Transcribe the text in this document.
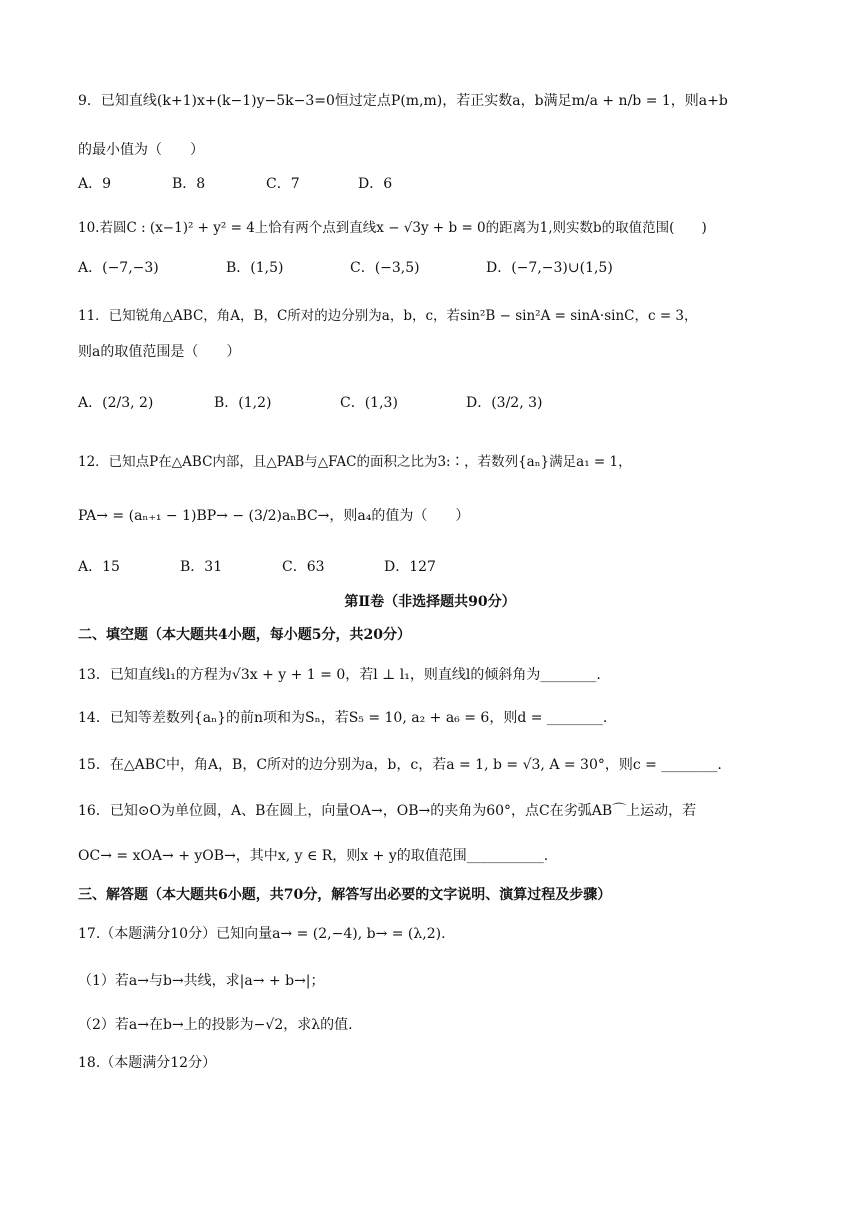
9．已知直线(k+1)x+(k−1)y−5k−3=0恒过定点P(m,m)，若正实数a，b满足m/a + n/b = 1，则a+b
的最小值为（　　）
A．9	B．8	C．7	D．6
10.若圆C : (x−1)² + y² = 4上恰有两个点到直线x − √3y + b = 0的距离为1,则实数b的取值范围(　　)
A．(−7,−3)	B．(1,5)	C．(−3,5)	D．(−7,−3)∪(1,5)
11．已知锐角△ABC，角A，B，C所对的边分别为a，b，c，若sin²B − sin²A = sinA·sinC，c = 3，
则a的取值范围是（　　）
A．(2/3, 2)	B．(1,2)	C．(1,3)	D．(3/2, 3)
12．已知点P在△ABC内部，且△PAB与△FAC的面积之比为3:∶，若数列{aₙ}满足a₁ = 1，
PA→ = (aₙ₊₁ − 1)BP→ − (3/2)aₙBC→，则a₄的值为（　　）
A．15	B．31	C．63	D．127
第Ⅱ卷（非选择题共90分）
二、填空题（本大题共4小题，每小题5分，共20分）
13．已知直线l₁的方程为√3x + y + 1 = 0，若l ⊥ l₁，则直线l的倾斜角为________.
14．已知等差数列{aₙ}的前n项和为Sₙ，若S₅ = 10, a₂ + a₆ = 6，则d = ________.
15．在△ABC中，角A，B，C所对的边分别为a，b，c，若a = 1, b = √3, A = 30°，则c = ________.
16．已知⊙O为单位圆，A、B在圆上，向量OA→，OB→的夹角为60°，点C在劣弧AB⌒上运动，若
OC→ = xOA→ + yOB→，其中x, y ∈ R，则x + y的取值范围___________.
三、解答题（本大题共6小题，共70分，解答写出必要的文字说明、演算过程及步骤）
17.（本题满分10分）已知向量a→ = (2,−4), b→ = (λ,2).
（1）若a→与b→共线，求|a→ + b→|；
（2）若a→在b→上的投影为−√2，求λ的值.
18.（本题满分12分）
